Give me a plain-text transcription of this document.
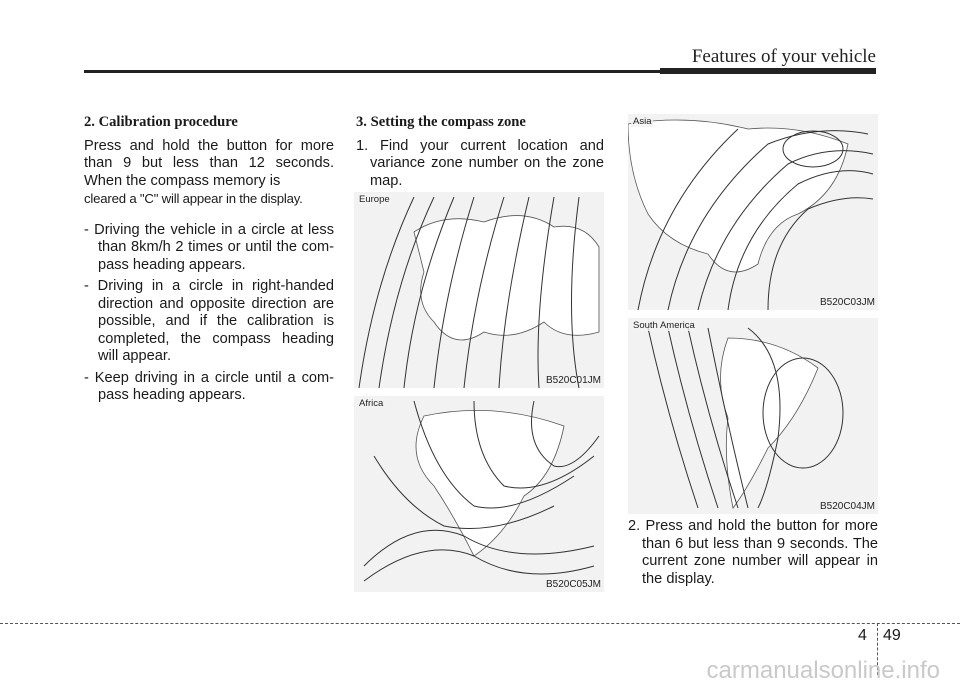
Features of your vehicle

2. Calibration procedure

Press and hold the button for more than 9 but less than 12 seconds. When the compass memory is

cleared a "C" will appear in the display.

- Driving the vehicle in a circle at less than 8km/h 2 times or until the com-pass heading appears.

- Driving in a circle in right-handed direction and opposite direction are possible, and if the calibration is completed, the compass heading will appear.

- Keep driving in a circle until a com-pass heading appears.

3. Setting the compass zone

1. Find your current location and variance zone number on the zone map.

Europe
B520C01JM
Africa
B520C05JM
Asia
B520C03JM
South America
B520C04JM

2. Press and hold the button for more than 6 but less than 9 seconds. The current zone number will appear in the display.

4 49
carmanualsonline.info
